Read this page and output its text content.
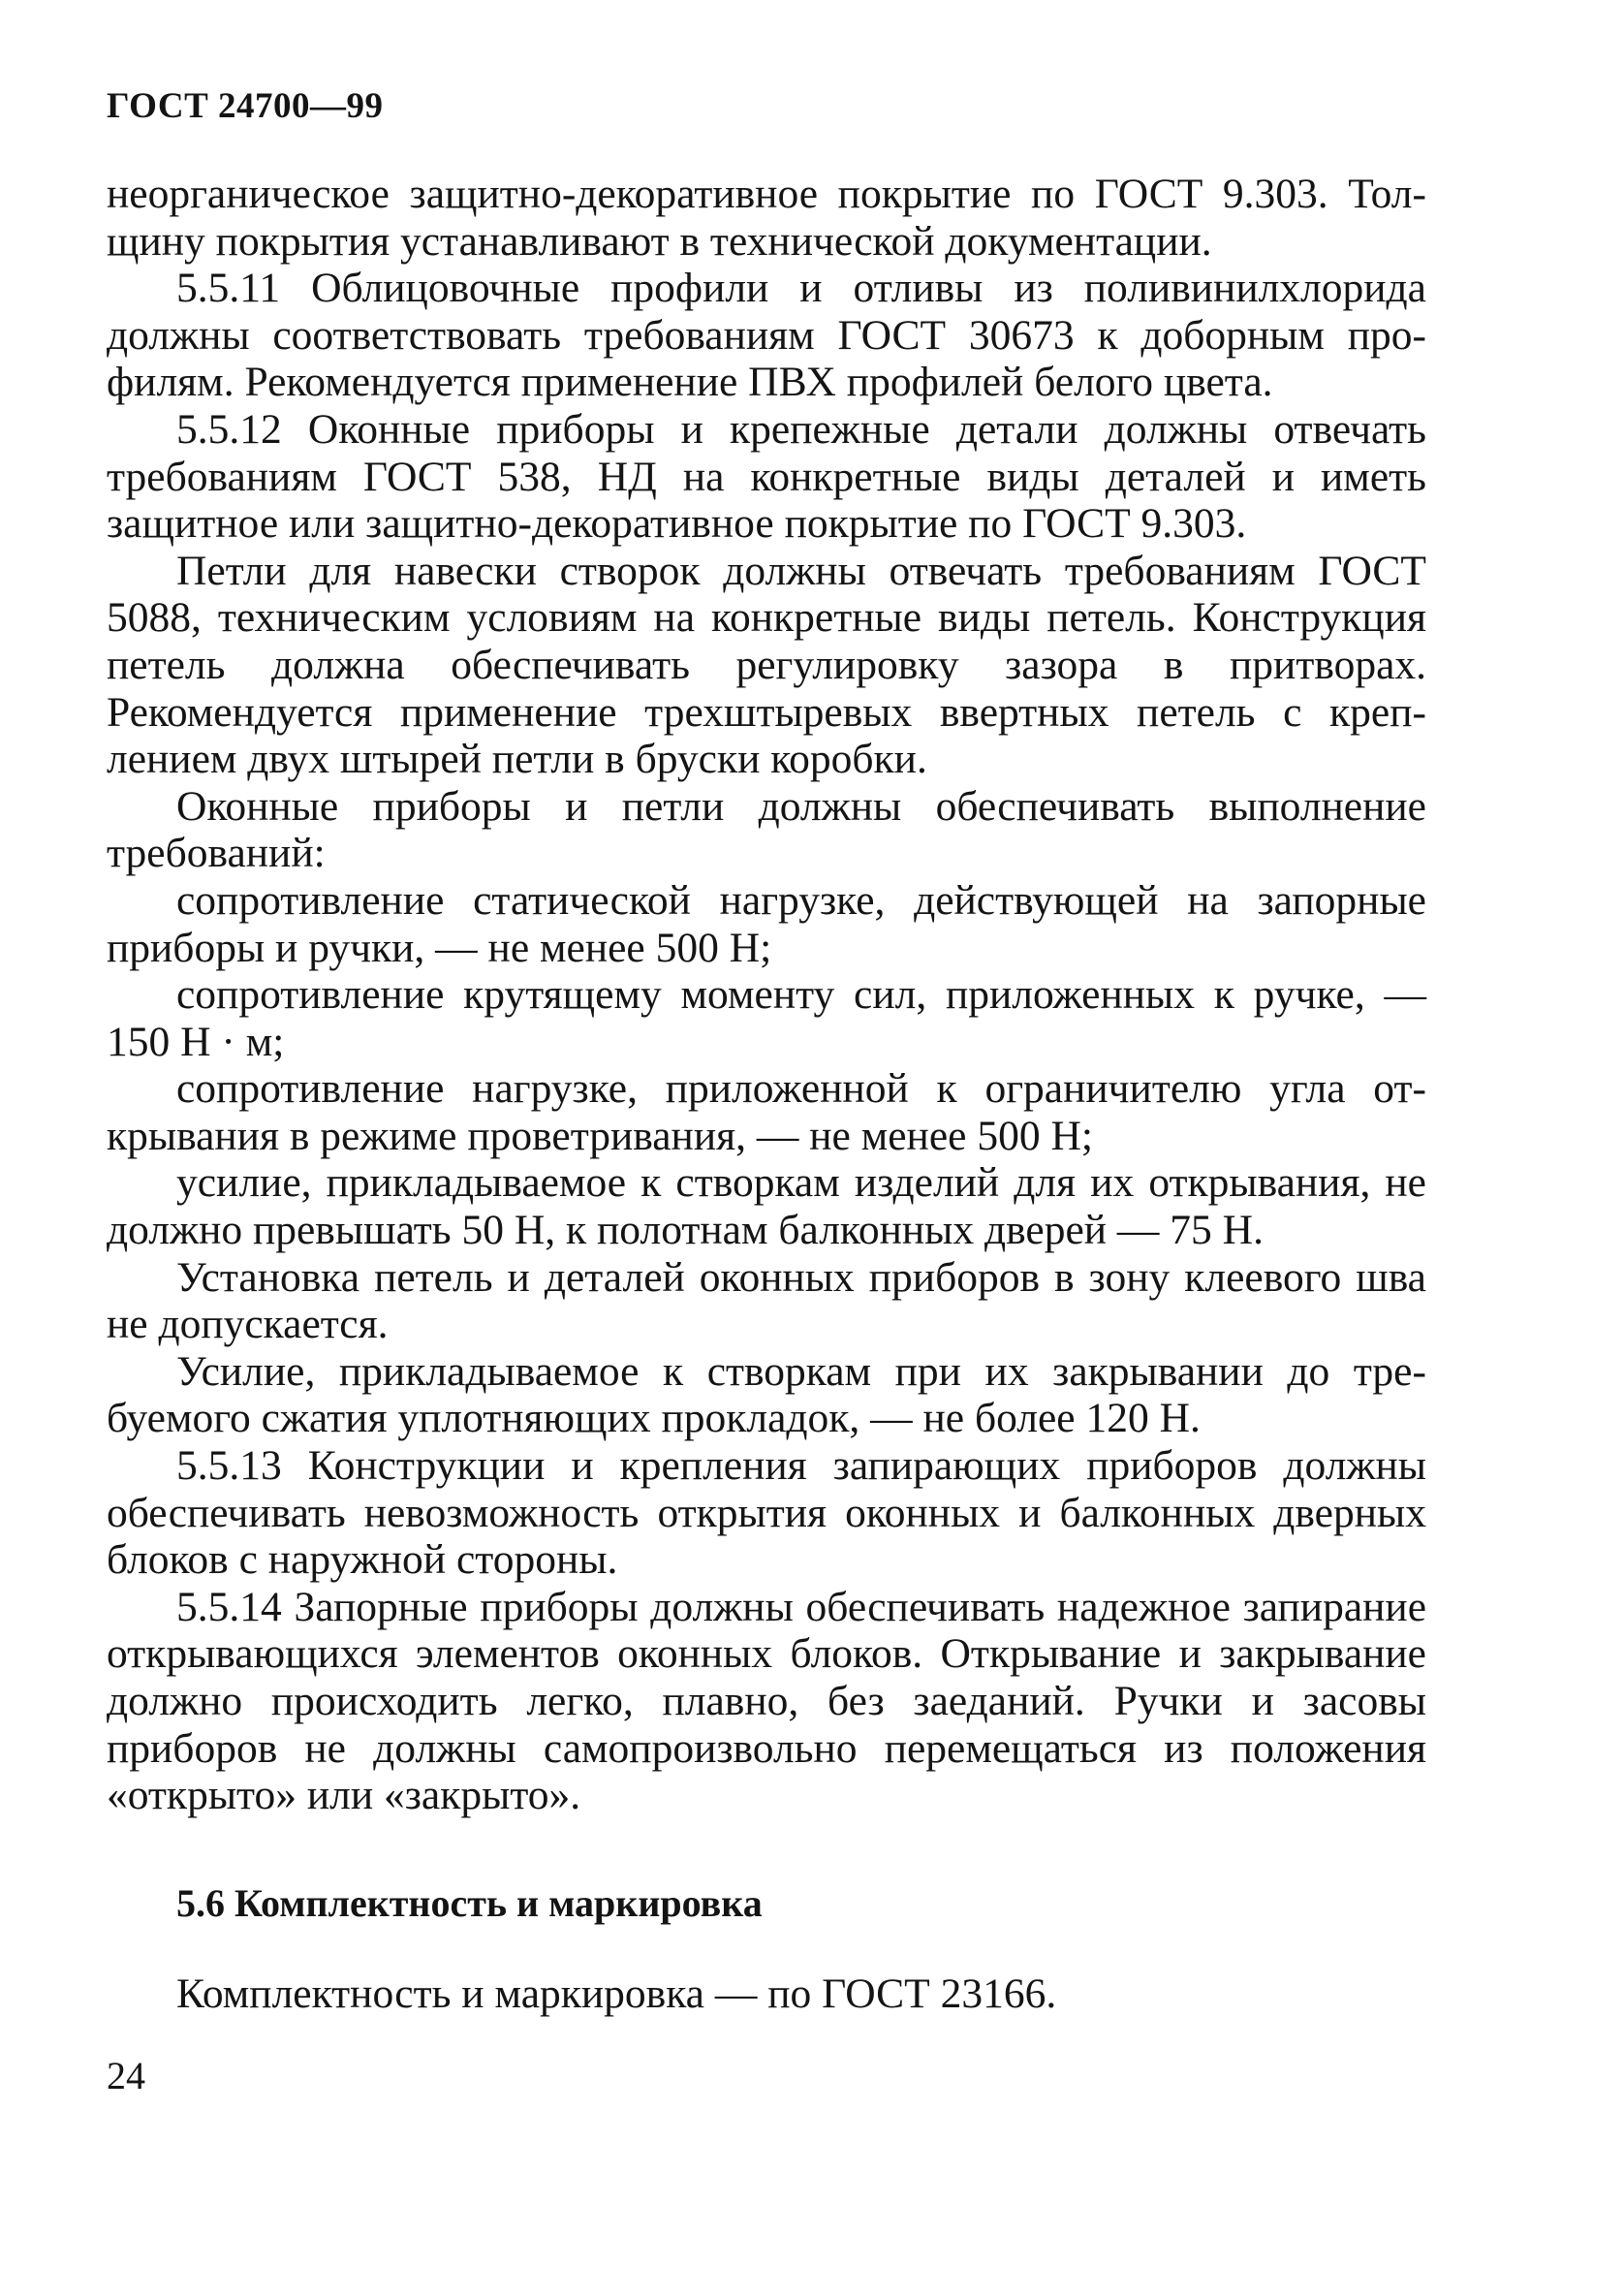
ГОСТ 24700—99

неорганическое защитно-декоративное покрытие по ГОСТ 9.303. Толщину покрытия устанавливают в технической документации.

5.5.11 Облицовочные профили и отливы из поливинилхлорида должны соответствовать требованиям ГОСТ 30673 к доборным профилям. Рекомендуется применение ПВХ профилей белого цвета.

5.5.12 Оконные приборы и крепежные детали должны отвечать требованиям ГОСТ 538, НД на конкретные виды деталей и иметь защитное или защитно-декоративное покрытие по ГОСТ 9.303.

Петли для навески створок должны отвечать требованиям ГОСТ 5088, техническим условиям на конкретные виды петель. Конструкция петель должна обеспечивать регулировку зазора в притворах. Рекомендуется применение трехштыревых ввертных петель с креплением двух штырей петли в бруски коробки.

Оконные приборы и петли должны обеспечивать выполнение требований:

сопротивление статической нагрузке, действующей на запорные приборы и ручки, — не менее 500 Н;

сопротивление крутящему моменту сил, приложенных к ручке, — 150 Н · м;

сопротивление нагрузке, приложенной к ограничителю угла открывания в режиме проветривания, — не менее 500 Н;

усилие, прикладываемое к створкам изделий для их открывания, не должно превышать 50 Н, к полотнам балконных дверей — 75 Н.

Установка петель и деталей оконных приборов в зону клеевого шва не допускается.

Усилие, прикладываемое к створкам при их закрывании до требуемого сжатия уплотняющих прокладок, — не более 120 Н.

5.5.13 Конструкции и крепления запирающих приборов должны обеспечивать невозможность открытия оконных и балконных дверных блоков с наружной стороны.

5.5.14 Запорные приборы должны обеспечивать надежное запирание открывающихся элементов оконных блоков. Открывание и закрывание должно происходить легко, плавно, без заеданий. Ручки и засовы приборов не должны самопроизвольно перемещаться из положения «открыто» или «закрыто».

5.6 Комплектность и маркировка
Комплектность и маркировка — по ГОСТ 23166.
24
